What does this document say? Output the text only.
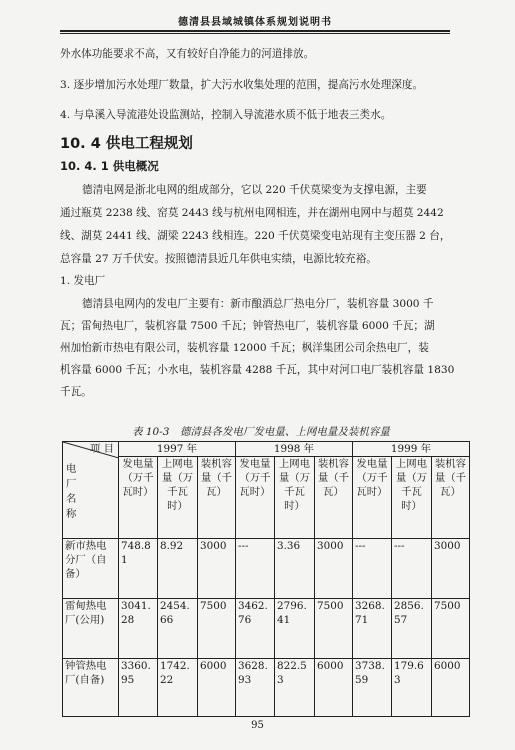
德清县县域城镇体系规划说明书
外水体功能要求不高，又有较好自净能力的河道排放。
3. 逐步增加污水处理厂数量，扩大污水收集处理的范围，提高污水处理深度。
4. 与阜溪入导流港处设监测站，控制入导流港水质不低于地表三类水。
10. 4 供电工程规划
10. 4. 1 供电概况
德清电网是浙北电网的组成部分，它以 220 千伏莫梁变为支撑电源，主要
通过瓶莫 2238 线、窑莫 2443 线与杭州电网相连，并在湖州电网中与超莫 2442
线、湖莫 2441 线、湖梁 2243 线相连。220 千伏莫梁变电站现有主变压器 2 台，
总容量 27 万千伏安。按照德清县近几年供电实绩，电源比较充裕。
1. 发电厂
德清县电网内的发电厂主要有：新市酿酒总厂热电分厂，装机容量 3000 千
瓦；雷甸热电厂，装机容量 7500 千瓦；钟管热电厂，装机容量 6000 千瓦；湖
州加怡新市热电有限公司，装机容量 12000 千瓦；枫洋集团公司余热电厂，装
机容量 6000 千瓦；小水电，装机容量 4288 千瓦，其中对河口电厂装机容量 1830
千瓦。
表 10-3　德清县各发电厂发电量、上网电量及装机容量
项 目
电厂名称	1997 年			1998 年			1999 年		
	发电量（万千瓦时）	上网电量（万千瓦时）	装机容量（千瓦）	发电量（万千瓦时）	上网电量（万千瓦时）	装机容量（千瓦）	发电量（万千瓦时）	上网电量（万千瓦时）	装机容量（千瓦）
新市热电分厂（自备）	748.81	8.92	3000	---	3.36	3000	---	---	3000
雷甸热电厂(公用)	3041.28	2454.66	7500	3462.76	2796.41	7500	3268.71	2856.57	7500
钟管热电厂(自备)	3360.95	1742.22	6000	3628.93	822.53	6000	3738.59	179.63	6000
95
